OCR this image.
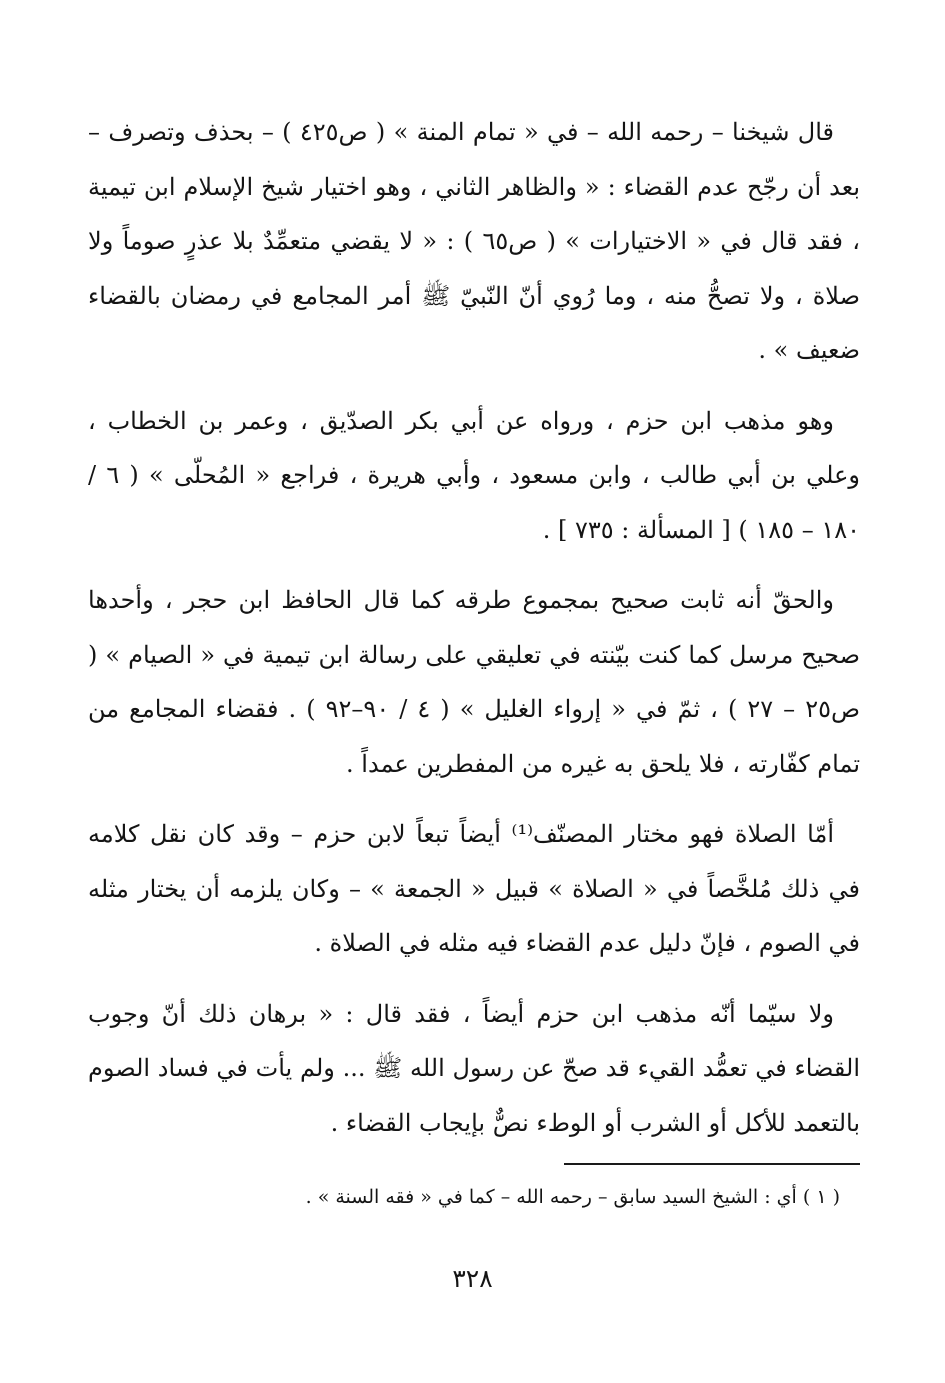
قال شيخنا – رحمه الله – في « تمام المنة » ( ص٤٢٥ ) – بحذف وتصرف – بعد أن رجّح عدم القضاء : « والظاهر الثاني ، وهو اختيار شيخ الإسلام ابن تيمية ، فقد قال في « الاختيارات » ( ص٦٥ ) : « لا يقضي متعمِّدٌ بلا عذرٍ صوماً ولا صلاة ، ولا تصحُّ منه ، وما رُوي أنّ النّبيّ ﷺ أمر المجامع في رمضان بالقضاء ضعيف » .

وهو مذهب ابن حزم ، ورواه عن أبي بكر الصدّيق ، وعمر بن الخطاب ، وعلي بن أبي طالب ، وابن مسعود ، وأبي هريرة ، فراجع « المُحلّى » ( ٦ / ١٨٠ – ١٨٥ ) [ المسألة : ٧٣٥ ] .

والحقّ أنه ثابت صحيح بمجموع طرقه كما قال الحافظ ابن حجر ، وأحدها صحيح مرسل كما كنت بيّنته في تعليقي على رسالة ابن تيمية في « الصيام » ( ص٢٥ – ٢٧ ) ، ثمّ في « إرواء الغليل » ( ٤ / ٩٠–٩٢ ) . فقضاء المجامع من تمام كفّارته ، فلا يلحق به غيره من المفطرين عمداً .

أمّا الصلاة فهو مختار المصنّف⁽¹⁾ أيضاً تبعاً لابن حزم – وقد كان نقل كلامه في ذلك مُلخَّصاً في « الصلاة » قبيل « الجمعة » – وكان يلزمه أن يختار مثله في الصوم ، فإنّ دليل عدم القضاء فيه مثله في الصلاة .

ولا سيّما أنّه مذهب ابن حزم أيضاً ، فقد قال : « برهان ذلك أنّ وجوب القضاء في تعمُّد القيء قد صحّ عن رسول الله ﷺ ... ولم يأت في فساد الصوم بالتعمد للأكل أو الشرب أو الوطء نصٌّ بإيجاب القضاء .

( ١ ) أي : الشيخ السيد سابق – رحمه الله – كما في « فقه السنة » .
٣٢٨
